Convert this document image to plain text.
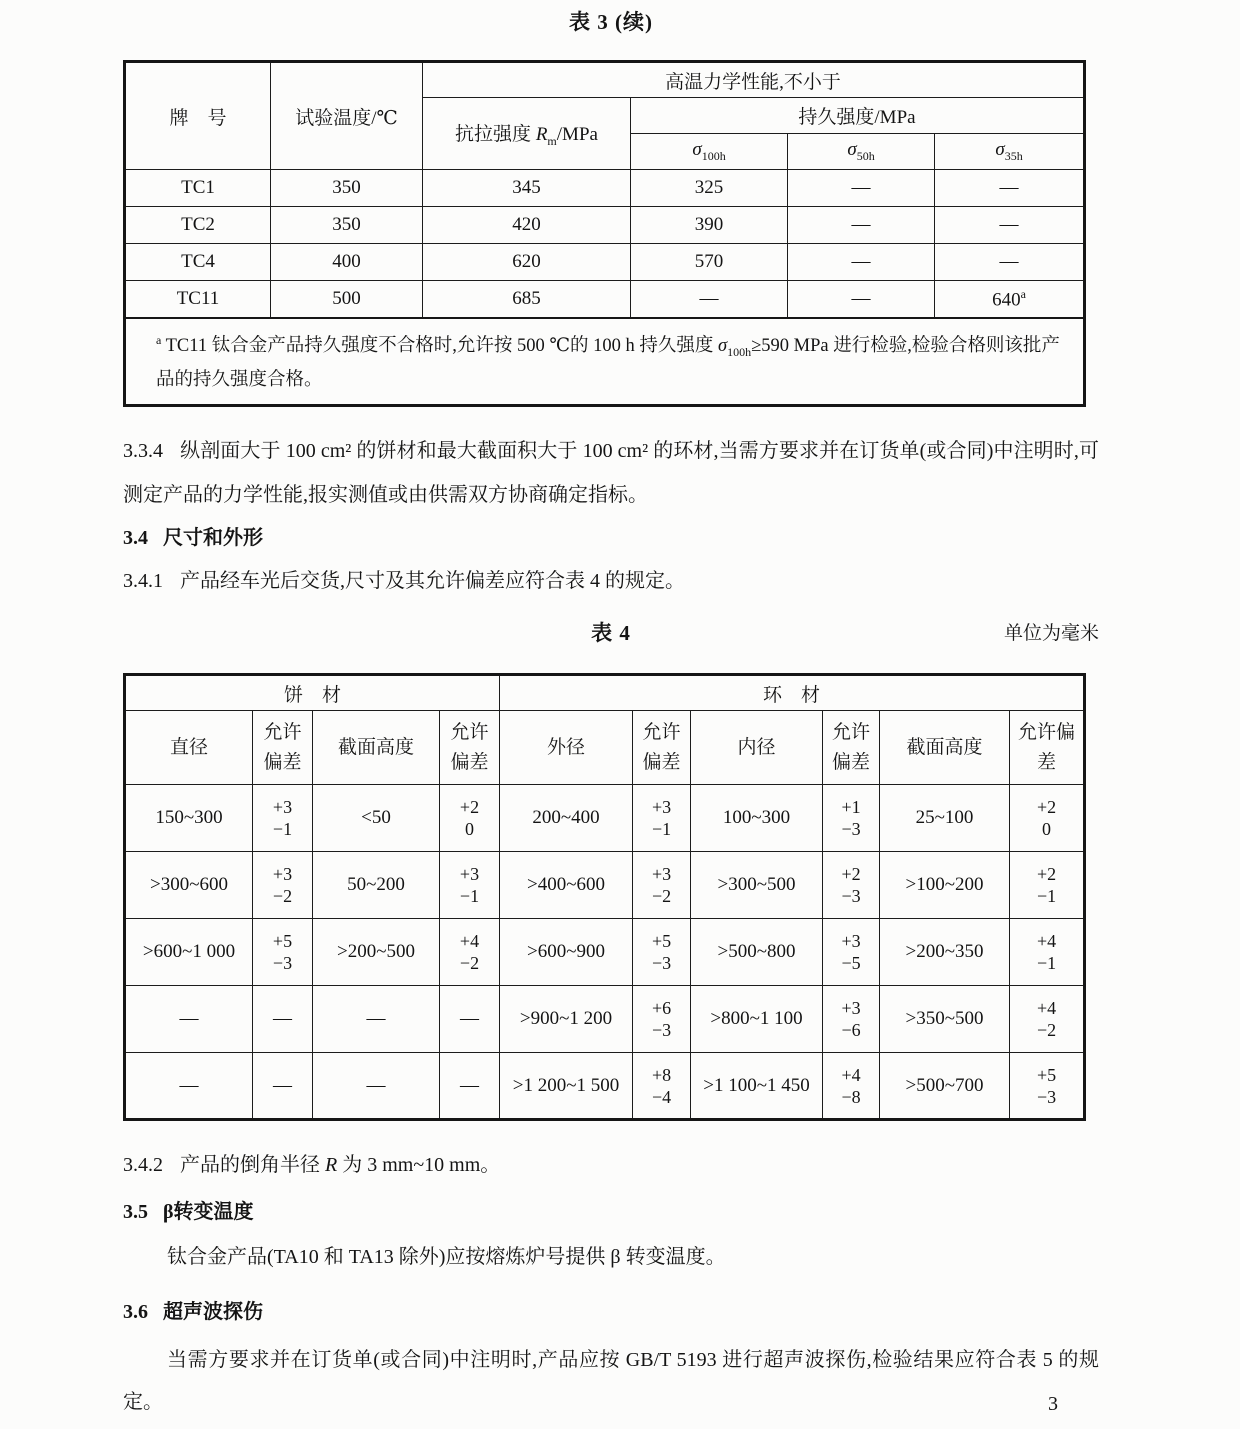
表 3 (续)
牌　号	试验温度/℃	高温力学性能,不小于			
		抗拉强度 $R_m$/MPa	持久强度/MPa		
			$\sigma_{100h}$	$\sigma_{50h}$	$\sigma_{35h}$
TC1	350	345	325	—	—
TC2	350	420	390	—	—
TC4	400	620	570	—	—
TC11	500	685	—	—	640$^a$
$^a$ TC11 钛合金产品持久强度不合格时,允许按 500 ℃的 100 h 持久强度 $\sigma_{100h}\ge 590$ MPa 进行检验,检验合格则该批产品的持久强度合格。					

3.3.4 纵剖面大于 100 cm² 的饼材和最大截面积大于 100 cm² 的环材,当需方要求并在订货单(或合同)中注明时,可测定产品的力学性能,报实测值或由供需双方协商确定指标。

3.4 尺寸和外形

3.4.1 产品经车光后交货,尺寸及其允许偏差应符合表 4 的规定。

表 4	单位为毫米
饼　材				环　材					
直径	允许偏差	截面高度	允许偏差	外径	允许偏差	内径	允许偏差	截面高度	允许偏差
150~300	+3
−1
	<50	+2
0
	200~400	+3
−1
	100~300	+1
−3
	25~100	+2
0

>300~600	+3
−2
	50~200	+3
−1
	>400~600	+3
−2
	>300~500	+2
−3
	>100~200	+2
−1

>600~1 000	+5
−3
	>200~500	+4
−2
	>600~900	+5
−3
	>500~800	+3
−5
	>200~350	+4
−1

—	—	—	—	>900~1 200	+6
−3
	>800~1 100	+3
−6
	>350~500	+4
−2

—	—	—	—	>1 200~1 500	+8
−4
	>1 100~1 450	+4
−8
	>500~700	+5
−3

3.4.2 产品的倒角半径 R 为 3 mm~10 mm。

3.5 β转变温度

钛合金产品(TA10 和 TA13 除外)应按熔炼炉号提供 β 转变温度。

3.6 超声波探伤

当需方要求并在订货单(或合同)中注明时,产品应按 GB/T 5193 进行超声波探伤,检验结果应符合表 5 的规定。	3
